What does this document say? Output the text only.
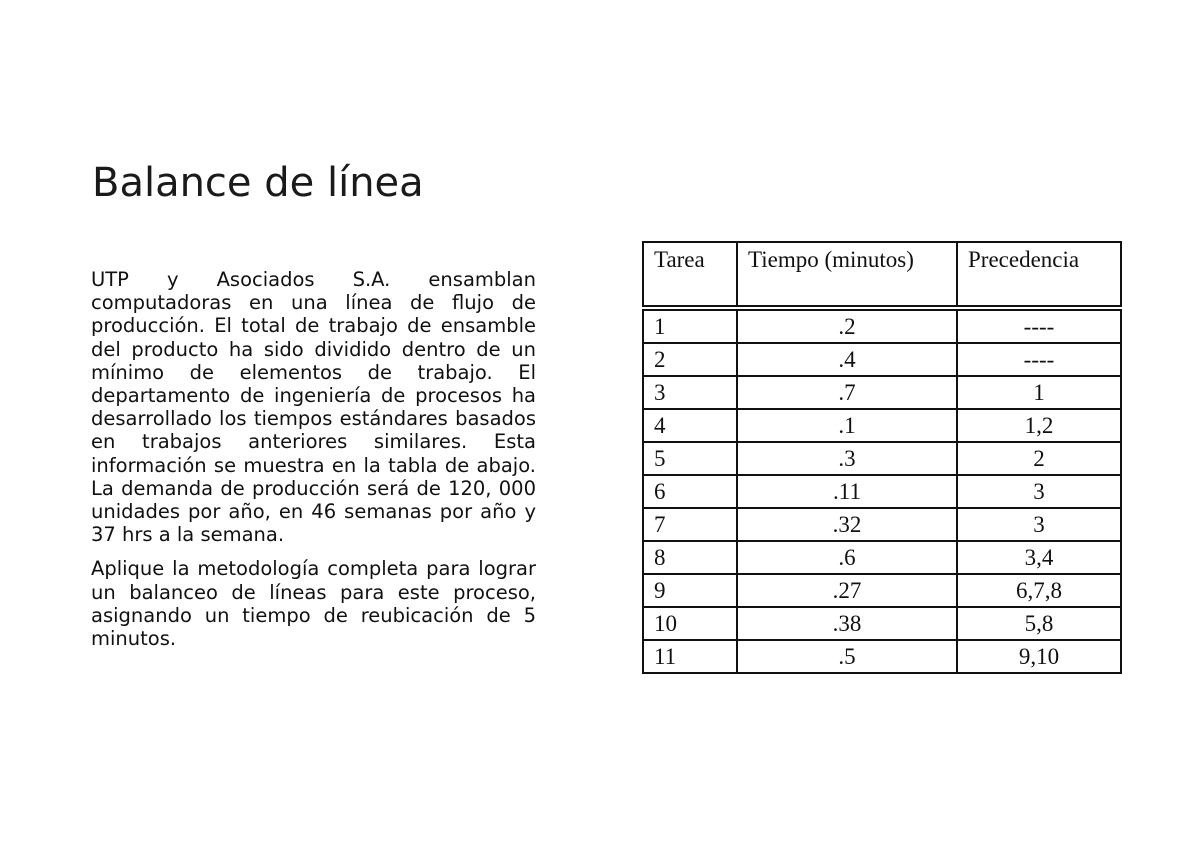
Balance de línea

UTP y Asociados S.A. ensamblan computadoras en una línea de flujo de producción. El total de trabajo de ensamble del producto ha sido dividido dentro de un mínimo de elementos de trabajo. El departamento de ingeniería de procesos ha desarrollado los tiempos estándares basados en trabajos anteriores similares. Esta información se muestra en la tabla de abajo. La demanda de producción será de 120, 000 unidades por año, en 46 semanas por año y 37 hrs a la semana.

Aplique la metodología completa para lograr un balanceo de líneas para este proceso, asignando un tiempo de reubicación de 5 minutos.

Tarea	Tiempo (minutos)	Precedencia
1	.2	----
2	.4	----
3	.7	1
4	.1	1,2
5	.3	2
6	.11	3
7	.32	3
8	.6	3,4
9	.27	6,7,8
10	.38	5,8
11	.5	9,10
